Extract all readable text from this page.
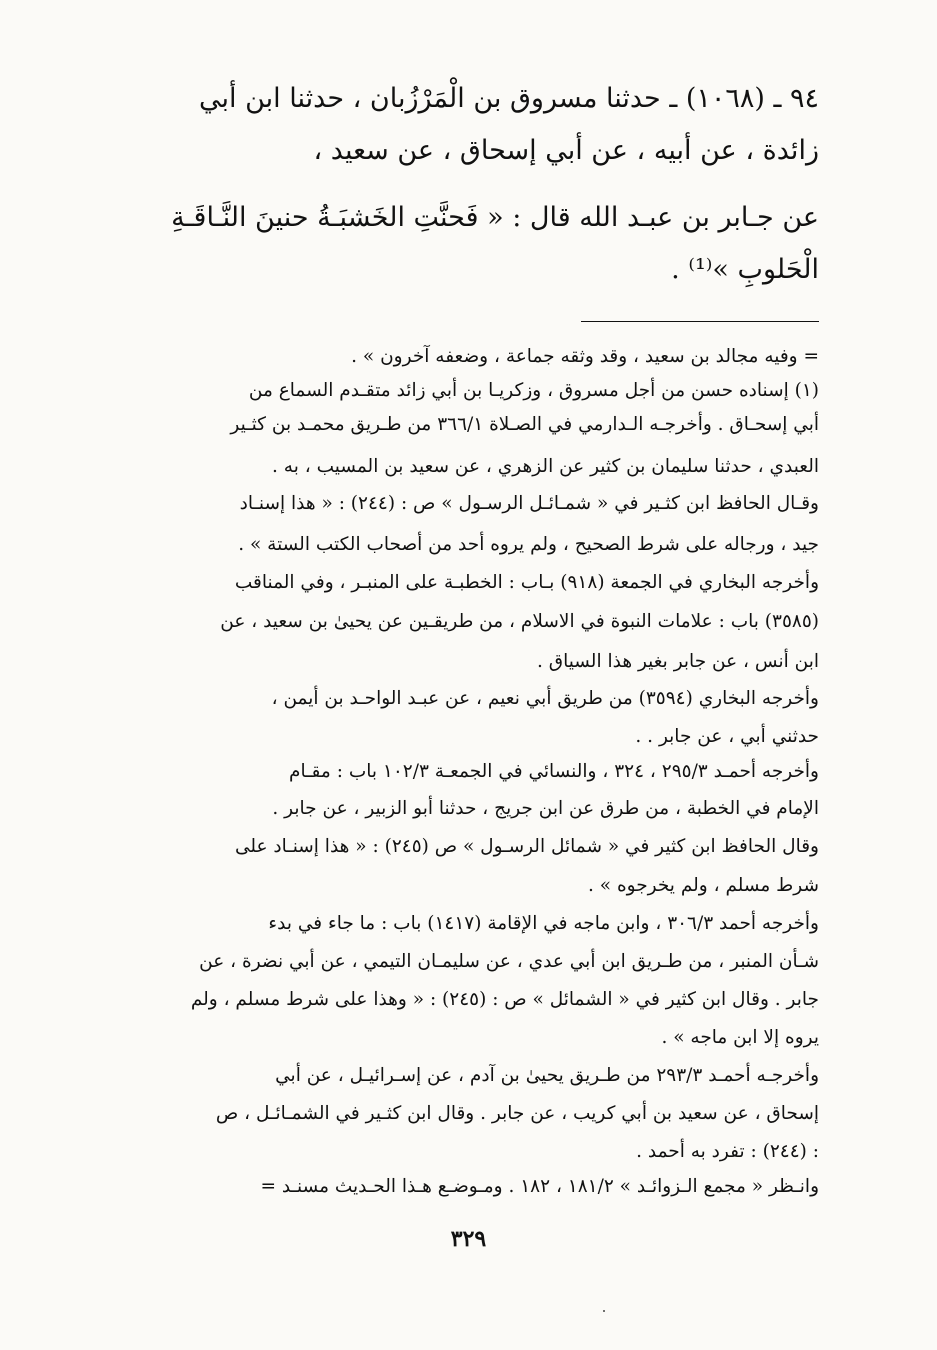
٩٤ ـ (١٠٦٨) ـ حدثنا مسروق بن الْمَرْزُبان ، حدثنا ابن أبي
زائدة ، عن أبيه ، عن أبي إسحاق ، عن سعيد ،
عن جـابر بن عبـد الله قال : « فَحنَّتِ الخَشبَـةُ حنينَ النَّـاقَـةِ
الْحَلوبِ »⁽¹⁾ .
= وفيه مجالد بن سعيد ، وقد وثقه جماعة ، وضعفه آخرون » .
(١) إسناده حسن من أجل مسروق ، وزكريـا بن أبي زائد متقـدم السماع من
أبي إسحـاق . وأخرجـه الـدارمي في الصـلاة ٣٦٦/١ من طـريق محمـد بن كثـير
العبدي ، حدثنا سليمان بن كثير عن الزهري ، عن سعيد بن المسيب ، به .
وقـال الحافظ ابن كثـير في « شمـائـل الرسـول » ص : (٢٤٤) : « هذا إسنـاد
جيد ، ورجاله على شرط الصحيح ، ولم يروه أحد من أصحاب الكتب الستة » .
وأخرجه البخاري في الجمعة (٩١٨) بـاب : الخطبـة على المنبـر ، وفي المناقب
(٣٥٨٥) باب : علامات النبوة في الاسلام ، من طريقـين عن يحيىٰ بن سعيد ، عن
ابن أنس ، عن جابر بغير هذا السياق .
وأخرجه البخاري (٣٥٩٤) من طريق أبي نعيم ، عن عبـد الواحـد بن أيمن ،
حدثني أبي ، عن جابر . .
وأخرجه أحمـد ٢٩٥/٣ ، ٣٢٤ ، والنسائي في الجمعـة ١٠٢/٣ باب : مقـام
الإمام في الخطبة ، من طرق عن ابن جريج ، حدثنا أبو الزبير ، عن جابر .
وقال الحافظ ابن كثير في « شمائل الرسـول » ص (٢٤٥) : « هذا إسنـاد على
شرط مسلم ، ولم يخرجوه » .
وأخرجه أحمد ٣٠٦/٣ ، وابن ماجه في الإقامة (١٤١٧) باب : ما جاء في بدء
شـأن المنبر ، من طـريق ابن أبي عدي ، عن سليمـان التيمي ، عن أبي نضرة ، عن
جابر . وقال ابن كثير في « الشمائل » ص : (٢٤٥) : « وهذا على شرط مسلم ، ولم
يروه إلا ابن ماجه » .
وأخرجـه أحمـد ٢٩٣/٣ من طـريق يحيىٰ بن آدم ، عن إسـرائيـل ، عن أبي
إسحاق ، عن سعيد بن أبي كريب ، عن جابر . وقال ابن كثـير في الشمـائـل ، ص
: (٢٤٤) : تفرد به أحمد .
وانـظر « مجمع الـزوائـد » ١٨١/٢ ، ١٨٢ . ومـوضـع هـذا الحـديث مسنـد =
٣٢٩
